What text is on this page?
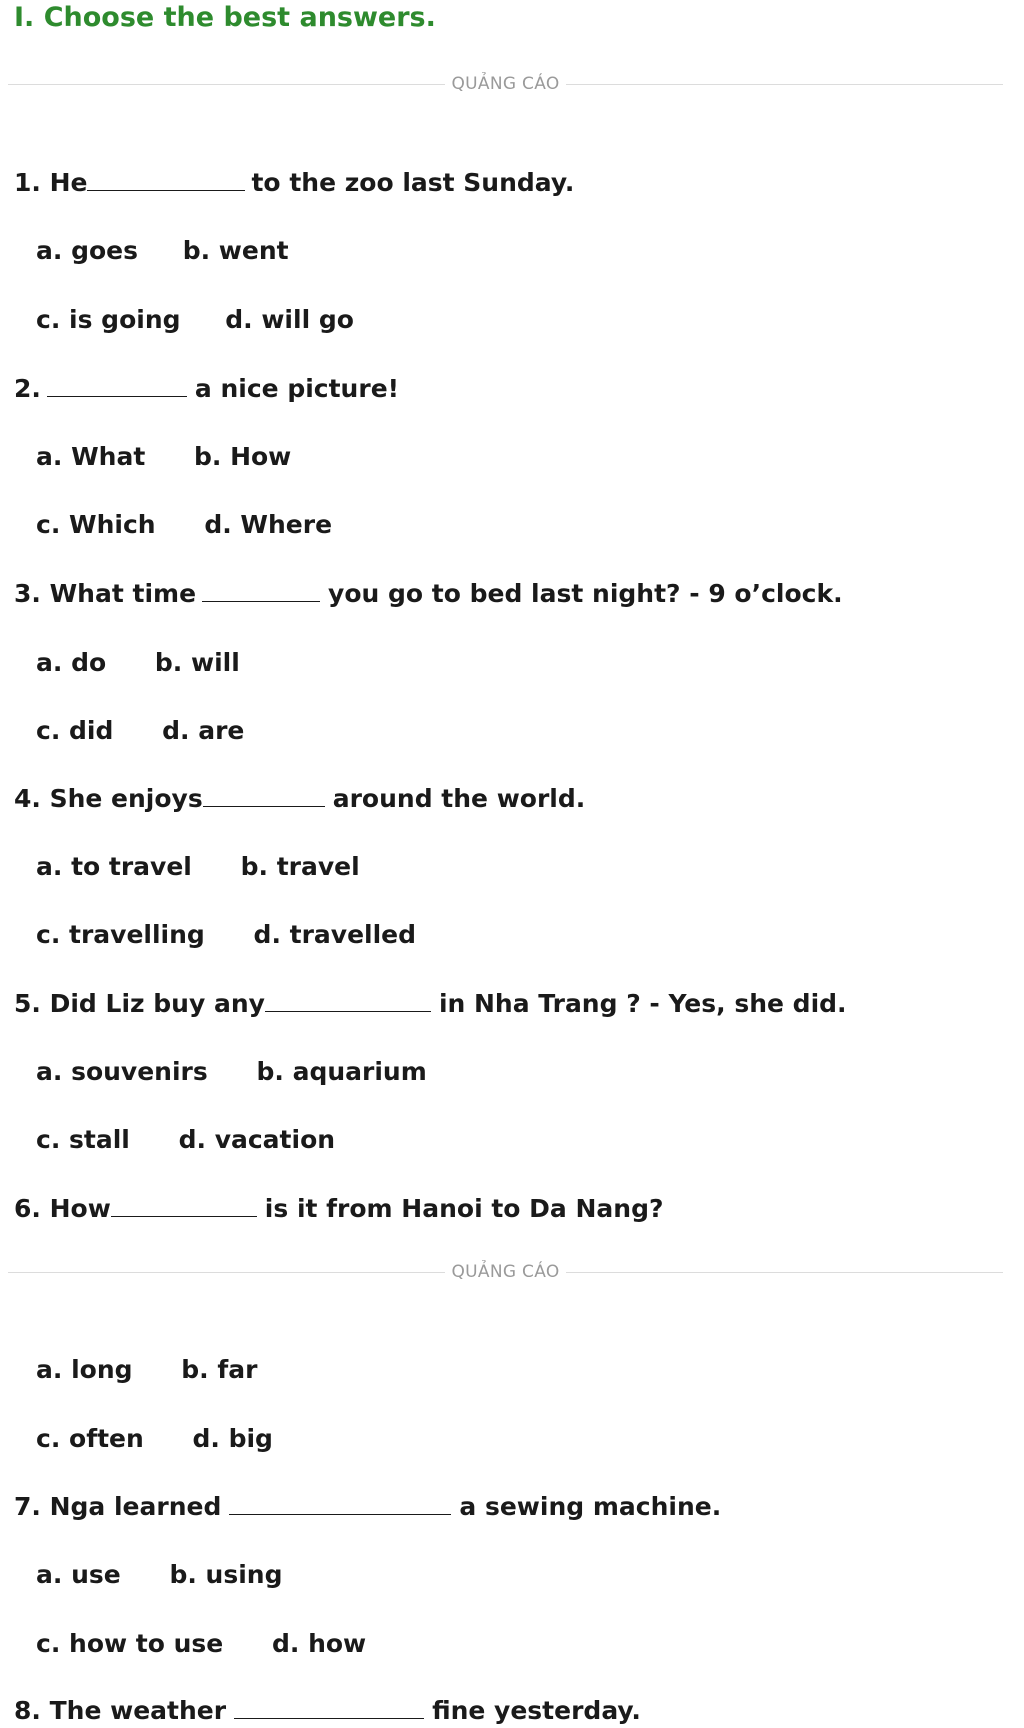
I. Choose the best answers.
QUẢNG CÁO
1. He	to the zoo last Sunday.
a. goes b. went
c. is going d. will go
2.	a nice picture!
a. What b. How
c. Which d. Where
3. What time	you go to bed last night? - 9 o’clock.
a. do b. will
c. did d. are
4. She enjoys	around the world.
a. to travel b. travel
c. travelling d. travelled
5. Did Liz buy any	in Nha Trang ? - Yes, she did.
a. souvenirs b. aquarium
c. stall d. vacation
6. How	is it from Hanoi to Da Nang?
QUẢNG CÁO
a. long b. far
c. often d. big
7. Nga learned	a sewing machine.
a. use b. using
c. how to use d. how
8. The weather	fine yesterday.
